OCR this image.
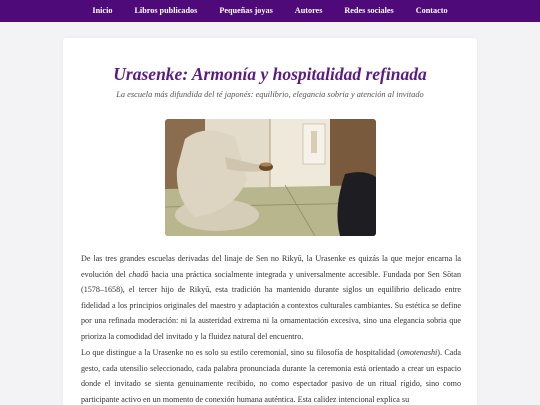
Inicio	Libros publicados	Pequeñas joyas	Autores	Redes sociales	Contacto
Urasenke: Armonía y hospitalidad refinada

La escuela más difundida del té japonés: equilibrio, elegancia sobria y atención al invitado

De las tres grandes escuelas derivadas del linaje de Sen no Rikyū, la Urasenke es quizás la que mejor encarna la evolución del chadō hacia una práctica socialmente integrada y universalmente accesible. Fundada por Sen Sōtan (1578–1658), el tercer hijo de Rikyū, esta tradición ha mantenido durante siglos un equilibrio delicado entre fidelidad a los principios originales del maestro y adaptación a contextos culturales cambiantes. Su estética se define por una refinada moderación: ni la austeridad extrema ni la ornamentación excesiva, sino una elegancia sobria que prioriza la comodidad del invitado y la fluidez natural del encuentro.

Lo que distingue a la Urasenke no es solo su estilo ceremonial, sino su filosofía de hospitalidad (omotenashi). Cada gesto, cada utensilio seleccionado, cada palabra pronunciada durante la ceremonia está orientado a crear un espacio donde el invitado se sienta genuinamente recibido, no como espectador pasivo de un ritual rígido, sino como participante activo en un momento de conexión humana auténtica. Esta calidez intencional explica su
